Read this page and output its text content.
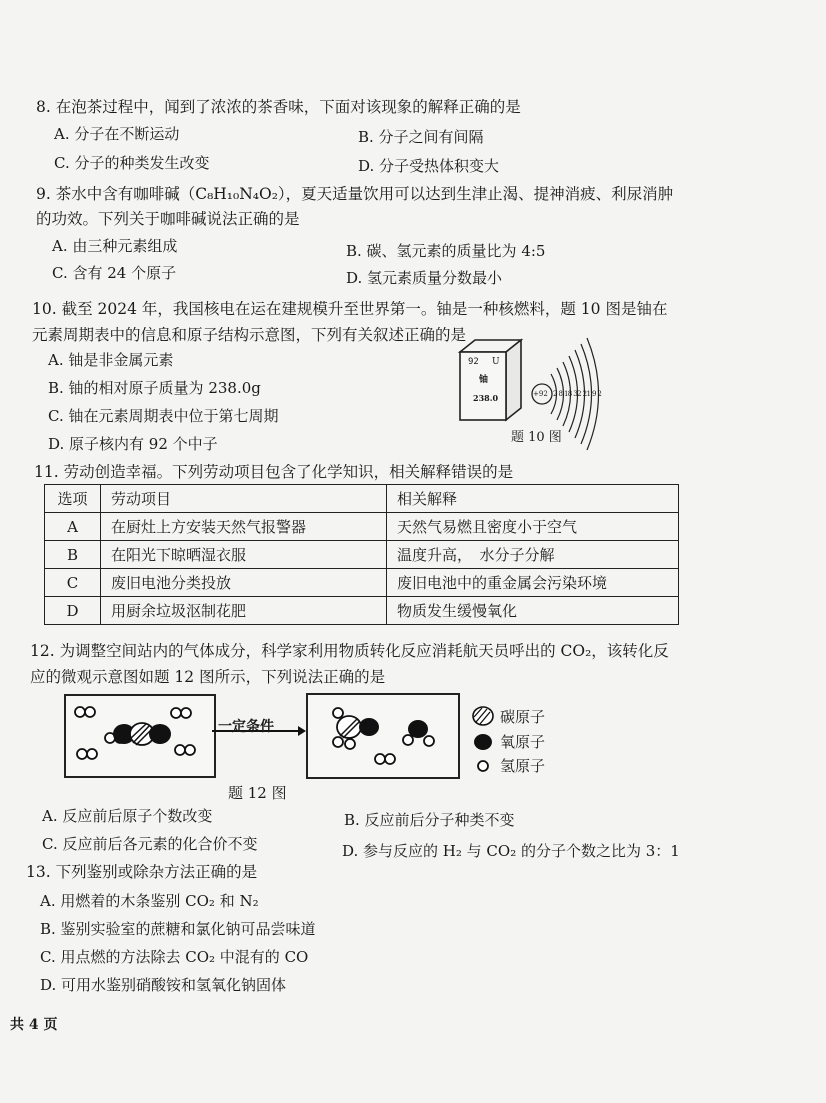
8. 在泡茶过程中，闻到了浓浓的茶香味，下面对该现象的解释正确的是
A. 分子在不断运动	B. 分子之间有间隔
C. 分子的种类发生改变	D. 分子受热体积变大
9. 茶水中含有咖啡碱（C₈H₁₀N₄O₂），夏天适量饮用可以达到生津止渴、提神消疲、利尿消肿
的功效。下列关于咖啡碱说法正确的是
A. 由三种元素组成	B. 碳、氢元素的质量比为 4:5
C. 含有 24 个原子	D. 氢元素质量分数最小
10. 截至 2024 年，我国核电在运在建规模升至世界第一。铀是一种核燃料，题 10 图是铀在
元素周期表中的信息和原子结构示意图，下列有关叙述正确的是
A. 铀是非金属元素
B. 铀的相对原子质量为 238.0g
C. 铀在元素周期表中位于第七周期
D. 原子核内有 92 个中子
92 U
铀
238.0	+92 2 8 18 32 21 9 2
题 10 图
11. 劳动创造幸福。下列劳动项目包含了化学知识，相关解释错误的是
选项	劳动项目	相关解释
A	在厨灶上方安装天然气报警器	天然气易燃且密度小于空气
B	在阳光下晾晒湿衣服	温度升高，　水分子分解
C	废旧电池分类投放	废旧电池中的重金属会污染环境
D	用厨余垃圾沤制花肥	物质发生缓慢氧化
12. 为调整空间站内的气体成分，科学家利用物质转化反应消耗航天员呼出的 CO₂，该转化反
应的微观示意图如题 12 图所示，下列说法正确的是
一定条件
碳原子
氧原子
氢原子
题 12 图
A. 反应前后原子个数改变	B. 反应前后分子种类不变
C. 反应前后各元素的化合价不变	D. 参与反应的 H₂ 与 CO₂ 的分子个数之比为 3：1
13. 下列鉴别或除杂方法正确的是
A. 用燃着的木条鉴别 CO₂ 和 N₂
B. 鉴别实验室的蔗糖和氯化钠可品尝味道
C. 用点燃的方法除去 CO₂ 中混有的 CO
D. 可用水鉴别硝酸铵和氢氧化钠固体
共 4 页
